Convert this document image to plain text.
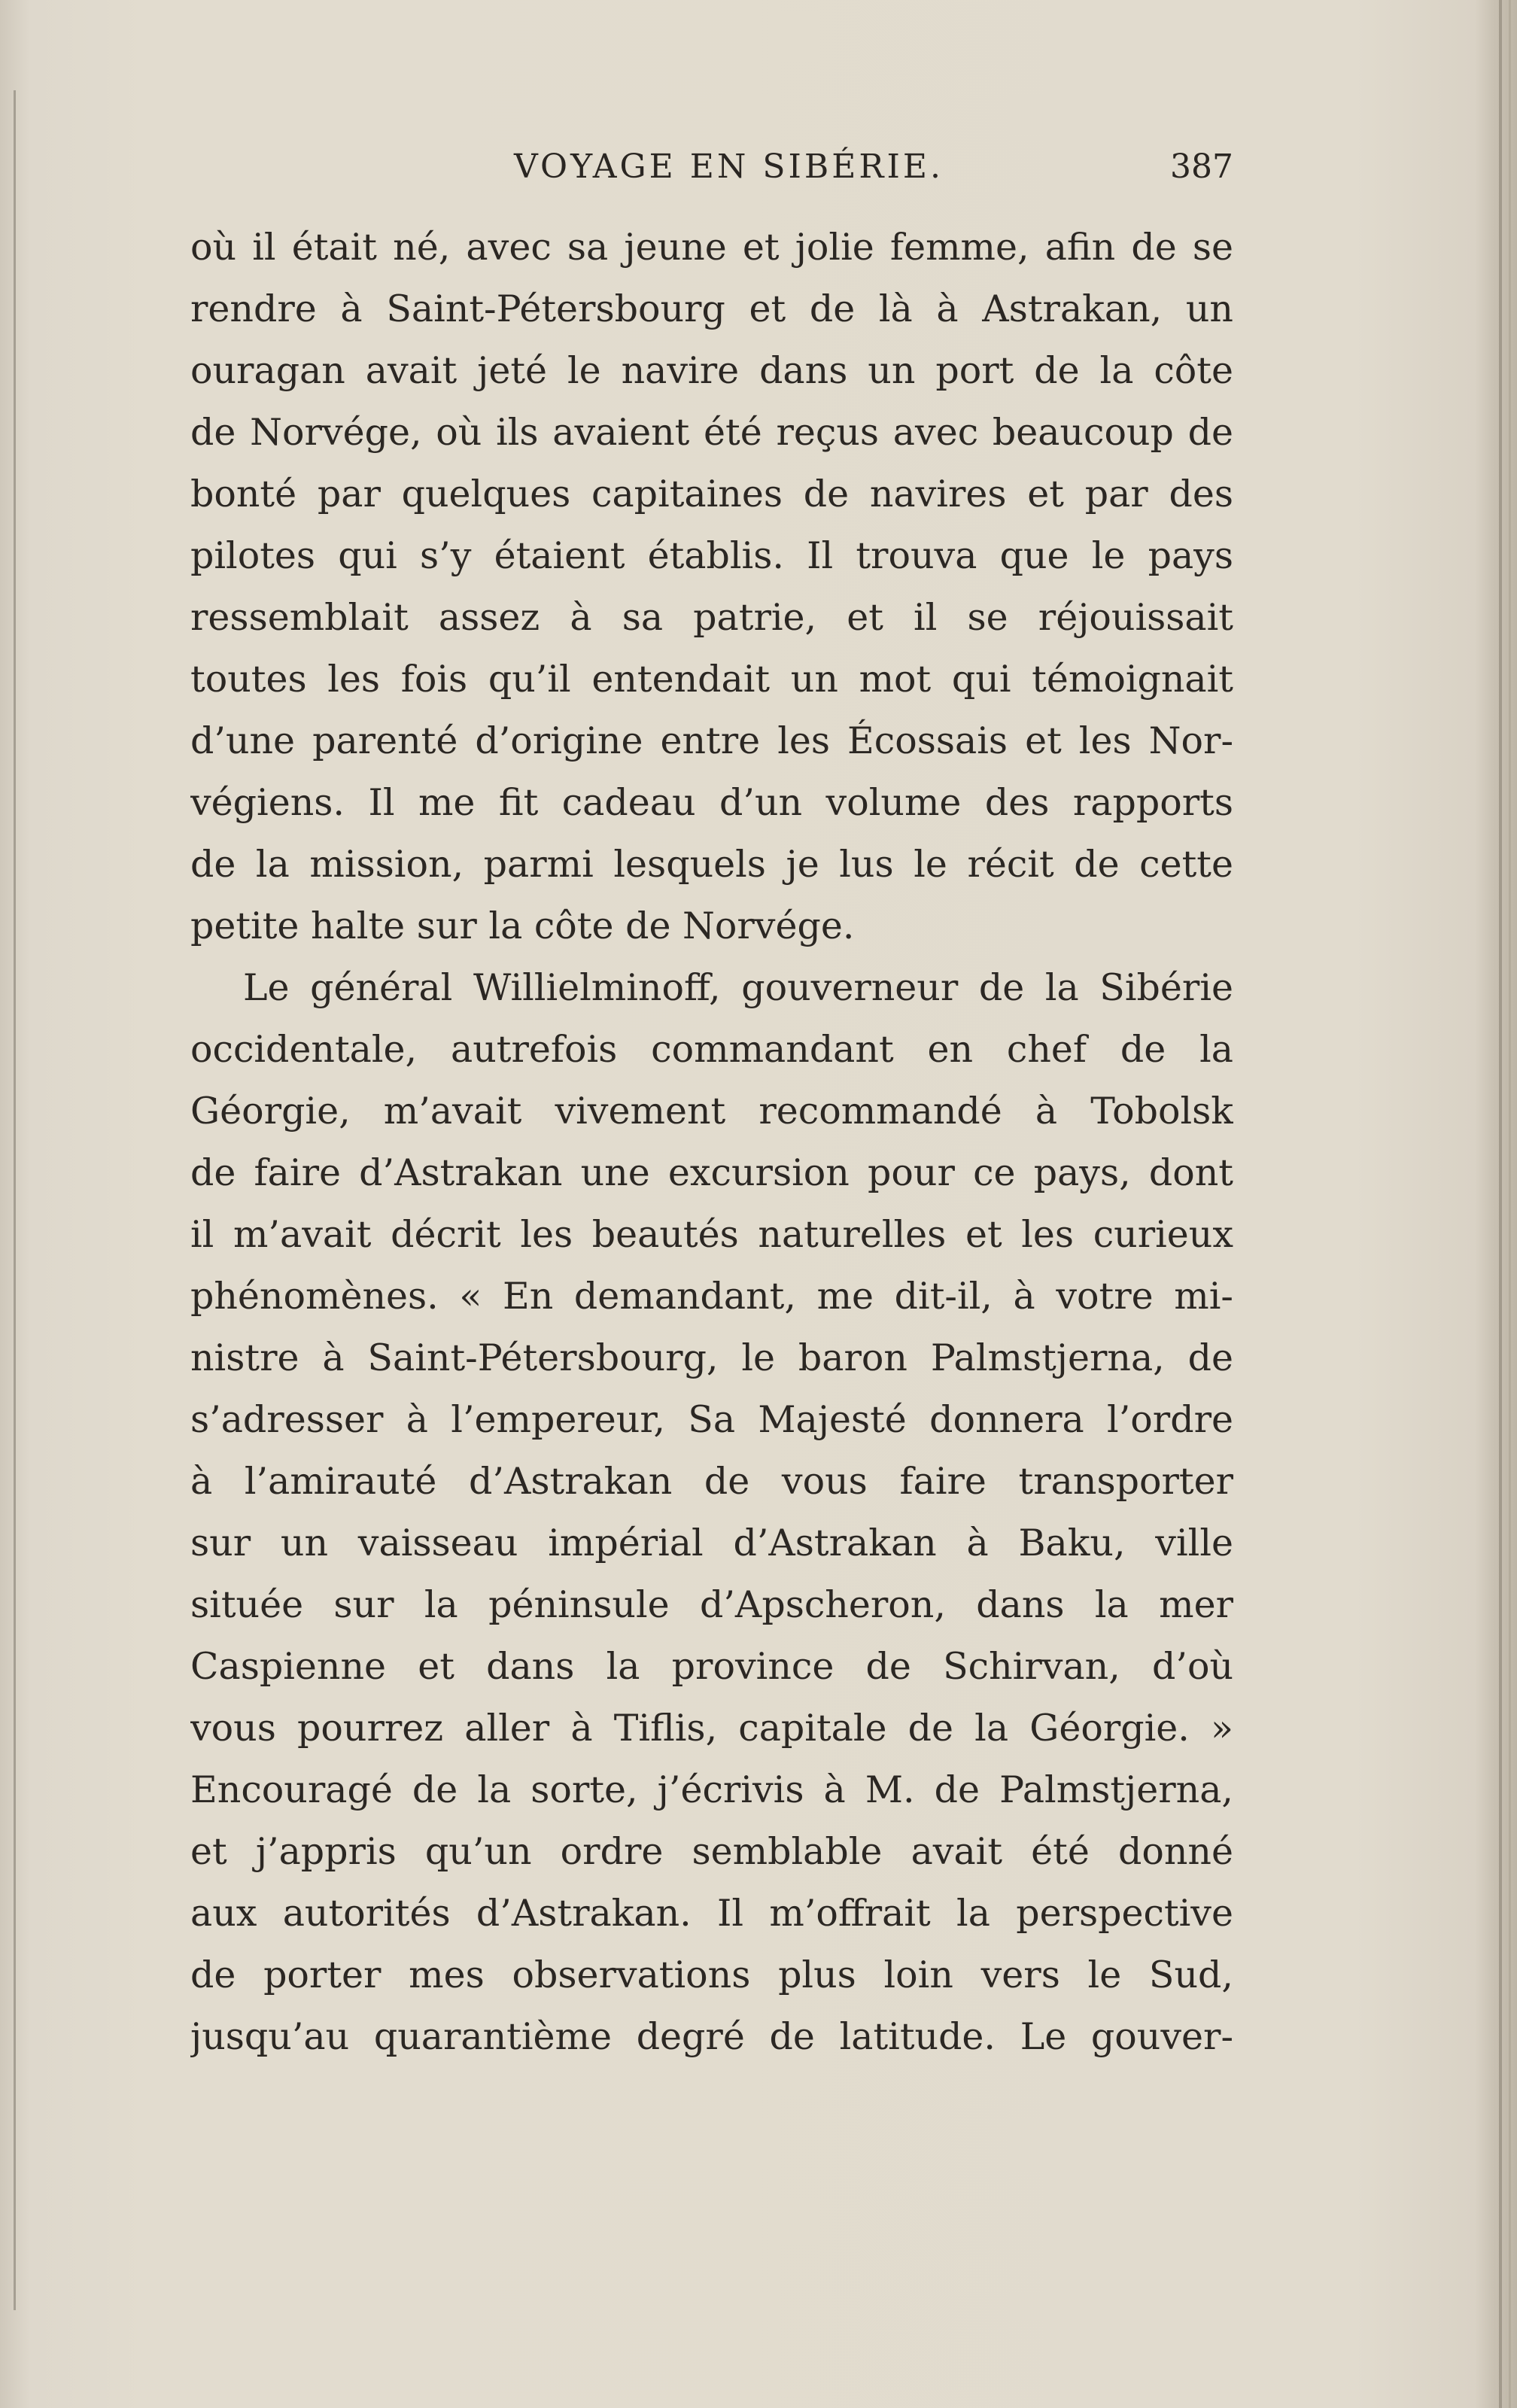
VOYAGE EN SIBÉRIE.	387
où il était né, avec sa jeune et jolie femme, afin de se
rendre à Saint-Pétersbourg et de là à Astrakan, un
ouragan avait jeté le navire dans un port de la côte
de Norvége, où ils avaient été reçus avec beaucoup de
bonté par quelques capitaines de navires et par des
pilotes qui s’y étaient établis. Il trouva que le pays
ressemblait assez à sa patrie, et il se réjouissait
toutes les fois qu’il entendait un mot qui témoignait
d’une parenté d’origine entre les Écossais et les Nor-
végiens. Il me fit cadeau d’un volume des rapports
de la mission, parmi lesquels je lus le récit de cette
petite halte sur la côte de Norvége.
Le général Willielminoff, gouverneur de la Sibérie
occidentale, autrefois commandant en chef de la
Géorgie, m’avait vivement recommandé à Tobolsk
de faire d’Astrakan une excursion pour ce pays, dont
il m’avait décrit les beautés naturelles et les curieux
phénomènes. « En demandant, me dit-il, à votre mi-
nistre à Saint-Pétersbourg, le baron Palmstjerna, de
s’adresser à l’empereur, Sa Majesté donnera l’ordre
à l’amirauté d’Astrakan de vous faire transporter
sur un vaisseau impérial d’Astrakan à Baku, ville
située sur la péninsule d’Apscheron, dans la mer
Caspienne et dans la province de Schirvan, d’où
vous pourrez aller à Tiflis, capitale de la Géorgie. »
Encouragé de la sorte, j’écrivis à M. de Palmstjerna,
et j’appris qu’un ordre semblable avait été donné
aux autorités d’Astrakan. Il m’offrait la perspective
de porter mes observations plus loin vers le Sud,
jusqu’au quarantième degré de latitude. Le gouver-
